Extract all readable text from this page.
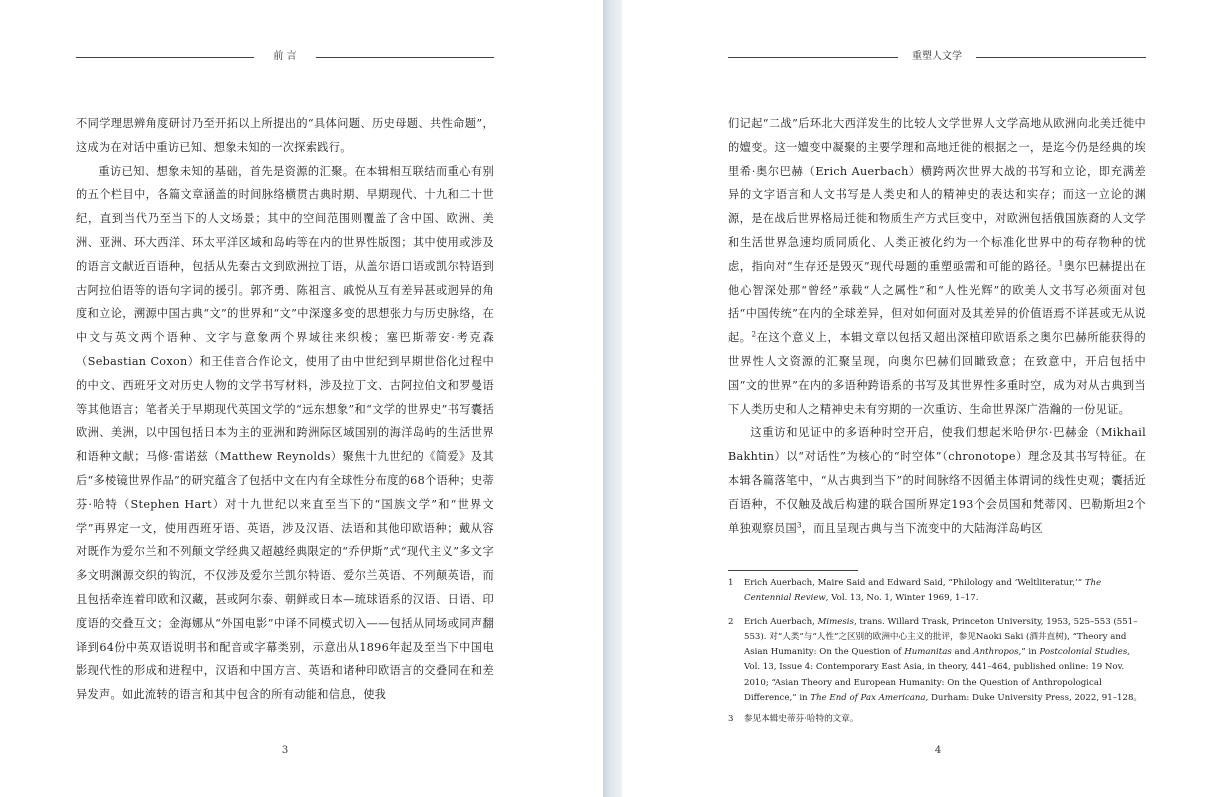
前 言

不同学理思辨角度研讨乃至开拓以上所提出的“具体问题、历史母题、共性命题”，这成为在对话中重访已知、想象未知的一次探索践行。

重访已知、想象未知的基础，首先是资源的汇聚。在本辑相互联结而重心有别的五个栏目中，各篇文章涵盖的时间脉络横贯古典时期、早期现代、十九和二十世纪，直到当代乃至当下的人文场景；其中的空间范围则覆盖了含中国、欧洲、美洲、亚洲、环大西洋、环太平洋区域和岛屿等在内的世界性版图；其中使用或涉及的语言文献近百语种，包括从先秦古文到欧洲拉丁语，从盖尔语口语或凯尔特语到古阿拉伯语等的语句字词的援引。郭齐勇、陈祖言、戚悦从互有差异甚或迥异的角度和立论，溯源中国古典“文”的世界和“文”中深邃多变的思想张力与历史脉络，在中文与英文两个语种、文字与意象两个界域往来织梭；塞巴斯蒂安·考克森（Sebastian Coxon）和王佳音合作论文，使用了由中世纪到早期世俗化过程中的中文、西班牙文对历史人物的文学书写材料，涉及拉丁文、古阿拉伯文和罗曼语等其他语言；笔者关于早期现代英国文学的“远东想象”和“文学的世界史”书写囊括欧洲、美洲，以中国包括日本为主的亚洲和跨洲际区域国别的海洋岛屿的生活世界和语种文献；马修·雷诺兹（Matthew Reynolds）聚焦十九世纪的《简爱》及其后“多棱镜世界作品”的研究蕴含了包括中文在内有全球性分布度的68个语种；史蒂芬·哈特（Stephen Hart）对十九世纪以来直至当下的“国族文学”和“世界文学”再界定一文，使用西班牙语、英语，涉及汉语、法语和其他印欧语种；戴从容对既作为爱尔兰和不列颠文学经典又超越经典限定的“乔伊斯”式“现代主义”多文字多文明渊源交织的钩沉，不仅涉及爱尔兰凯尔特语、爱尔兰英语、不列颠英语，而且包括牵连着印欧和汉藏，甚或阿尔泰、朝鲜或日本—琉球语系的汉语、日语、印度语的交叠互文；金海娜从“外国电影”中译不同模式切入——包括从同场或同声翻译到64份中英双语说明书和配音或字幕类别，示意出从1896年起及至当下中国电影现代性的形成和进程中，汉语和中国方言、英语和诸种印欧语言的交叠同在和差异发声。如此流转的语言和其中包含的所有动能和信息，使我

3
重塑人文学

们记起“二战”后环北大西洋发生的比较人文学世界人文学高地从欧洲向北美迁徙中的嬗变。这一嬗变中凝聚的主要学理和高地迁徙的根据之一，是迄今仍是经典的埃里希·奥尔巴赫（Erich Auerbach）横跨两次世界大战的书写和立论，即充满差异的文字语言和人文书写是人类史和人的精神史的表达和实存；而这一立论的渊源，是在战后世界格局迁徙和物质生产方式巨变中，对欧洲包括俄国族裔的人文学和生活世界急速均质同质化、人类正被化约为一个标准化世界中的苟存物种的忧虑，指向对“生存还是毁灭”现代母题的重塑亟需和可能的路径。$^1$奥尔巴赫提出在他心智深处那“曾经”承载“人之属性”和“人性光辉”的欧美人文书写必须面对包括“中国传统”在内的全球差异，但对如何面对及其差异的价值语焉不详甚或无从说起。$^2$在这个意义上，本辑文章以包括又超出深植印欧语系之奥尔巴赫所能获得的世界性人文资源的汇聚呈现，向奥尔巴赫们回瞰致意；在致意中，开启包括中国“文的世界”在内的多语种跨语系的书写及其世界性多重时空，成为对从古典到当下人类历史和人之精神史未有穷期的一次重访、生命世界深广浩瀚的一份见证。

这重访和见证中的多语种时空开启，使我们想起米哈伊尔·巴赫金（Mikhail Bakhtin）以“对话性”为核心的“时空体”（chronotope）理念及其书写特征。在本辑各篇落笔中，“从古典到当下”的时间脉络不因循主体谓词的线性史观；囊括近百语种，不仅触及战后构建的联合国所界定193个会员国和梵蒂冈、巴勒斯坦2个单独观察员国$^3$，而且呈现古典与当下流变中的大陆海洋岛屿区

1	Erich Auerbach, Maire Said and Edward Said, “Philology and ‘Weltliteratur,’” The Centennial Review, Vol. 13, No. 1, Winter 1969, 1–17.
2	Erich Auerbach, Mimesis, trans. Willard Trask, Princeton University, 1953, 525–553 (551–553). 对“人类”与“人性”之区别的欧洲中心主义的批评，参见Naoki Saki (酒井直树), “Theory and Asian Humanity: On the Question of Humanitas and Anthropos,” in Postcolonial Studies, Vol. 13, Issue 4: Contemporary East Asia, in theory, 441–464, published online: 19 Nov. 2010; “Asian Theory and European Humanity: On the Question of Anthropological Difference,” in The End of Pax Americana, Durham: Duke University Press, 2022, 91–128。
3	参见本辑史蒂芬·哈特的文章。
4
